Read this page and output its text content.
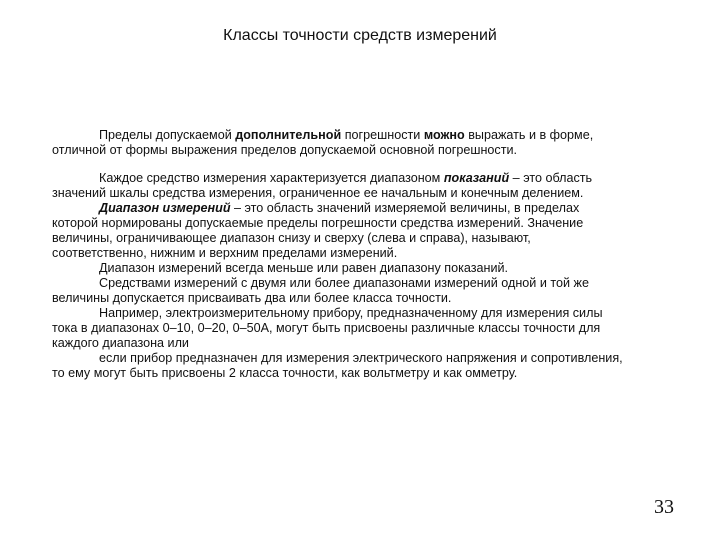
Классы точности средств измерений
Пределы допускаемой дополнительной погрешности можно выражать и в форме,
отличной от формы выражения пределов допускаемой основной погрешности.
Каждое средство измерения характеризуется диапазоном показаний – это область
значений шкалы средства измерения, ограниченное ее начальным и конечным делением.
Диапазон измерений – это область значений измеряемой величины, в пределах
которой нормированы допускаемые пределы погрешности средства измерений. Значение
величины, ограничивающее диапазон снизу и сверху (слева и справа), называют,
соответственно, нижним и верхним пределами измерений.
Диапазон измерений всегда меньше или равен диапазону показаний.
Средствами измерений с двумя или более диапазонами измерений одной и той же
величины допускается присваивать два или более класса точности.
Например, электроизмерительному прибору, предназначенному для измерения силы
тока в диапазонах 0–10, 0–20, 0–50А, могут быть присвоены различные классы точности для
каждого диапазона или
если прибор предназначен для измерения электрического напряжения и сопротивления,
то ему могут быть присвоены 2 класса точности, как вольтметру и как омметру.
33
